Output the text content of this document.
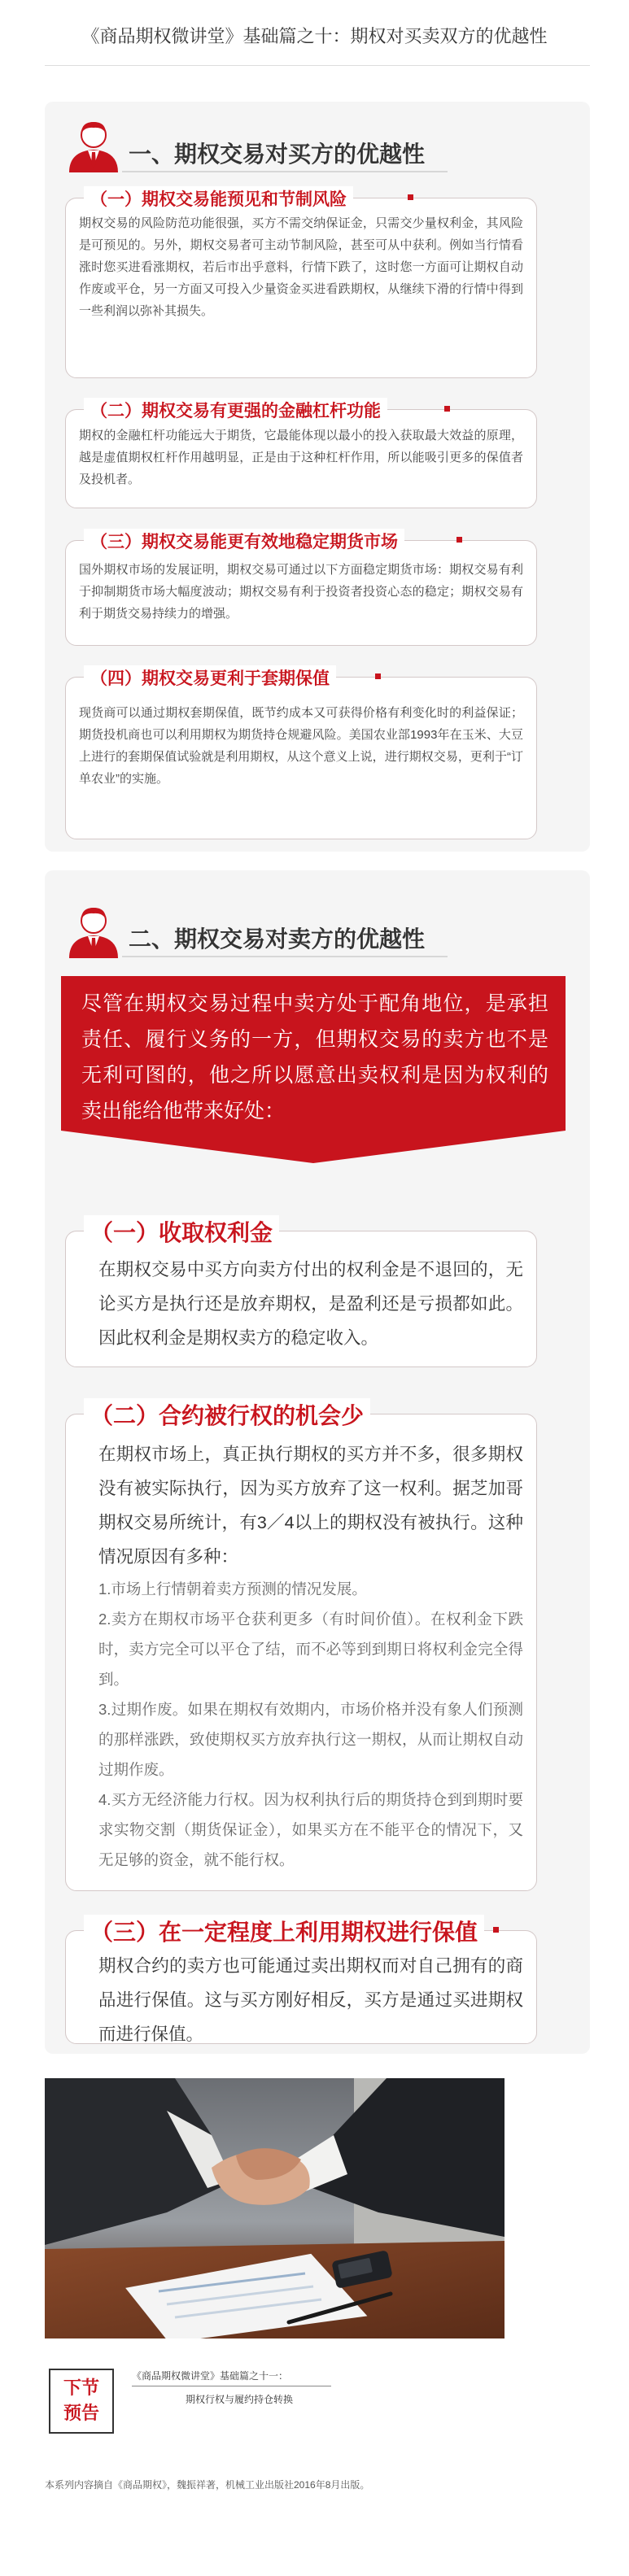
《商品期权微讲堂》基础篇之十：期权对买卖双方的优越性
一、期权交易对买方的优越性
（一）期权交易能预见和节制风险
期权交易的风险防范功能很强，买方不需交纳保证金，只需交少量权利金，其风险是可预见的。另外，期权交易者可主动节制风险，甚至可从中获利。例如当行情看涨时您买进看涨期权，若后市出乎意料，行情下跌了，这时您一方面可让期权自动作废或平仓，另一方面又可投入少量资金买进看跌期权，从继续下滑的行情中得到一些利润以弥补其损失。
（二）期权交易有更强的金融杠杆功能
期权的金融杠杆功能远大于期货，它最能体现以最小的投入获取最大效益的原理，越是虚值期权杠杆作用越明显，正是由于这种杠杆作用，所以能吸引更多的保值者及投机者。
（三）期权交易能更有效地稳定期货市场
国外期权市场的发展证明，期权交易可通过以下方面稳定期货市场：期权交易有利于抑制期货市场大幅度波动；期权交易有利于投资者投资心态的稳定；期权交易有利于期货交易持续力的增强。
（四）期权交易更利于套期保值
现货商可以通过期权套期保值，既节约成本又可获得价格有利变化时的利益保证；期货投机商也可以利用期权为期货持仓规避风险。美国农业部1993年在玉米、大豆上进行的套期保值试验就是利用期权，从这个意义上说，进行期权交易，更利于“订单农业”的实施。
二、期权交易对卖方的优越性
尽管在期权交易过程中卖方处于配角地位，是承担责任、履行义务的一方，但期权交易的卖方也不是无利可图的，他之所以愿意出卖权利是因为权利的卖出能给他带来好处：
（一）收取权利金
在期权交易中买方向卖方付出的权利金是不退回的，无论买方是执行还是放弃期权，是盈利还是亏损都如此。因此权利金是期权卖方的稳定收入。
（二）合约被行权的机会少
在期权市场上，真正执行期权的买方并不多，很多期权没有被实际执行，因为买方放弃了这一权利。据芝加哥期权交易所统计，有3／4以上的期权没有被执行。这种情况原因有多种：
1.市场上行情朝着卖方预测的情况发展。
2.卖方在期权市场平仓获利更多（有时间价值）。在权利金下跌时，卖方完全可以平仓了结，而不必等到到期日将权利金完全得到。
3.过期作废。如果在期权有效期内，市场价格并没有象人们预测的那样涨跌，致使期权买方放弃执行这一期权，从而让期权自动过期作废。
4.买方无经济能力行权。因为权利执行后的期货持仓到到期时要求实物交割（期货保证金），如果买方在不能平仓的情况下，又无足够的资金，就不能行权。
（三）在一定程度上利用期权进行保值
期权合约的卖方也可能通过卖出期权而对自己拥有的商品进行保值。这与买方刚好相反，买方是通过买进期权而进行保值。
下节
预告
《商品期权微讲堂》基础篇之十一：
期权行权与履约持仓转换
本系列内容摘自《商品期权》，魏振祥著，机械工业出版社2016年8月出版。
